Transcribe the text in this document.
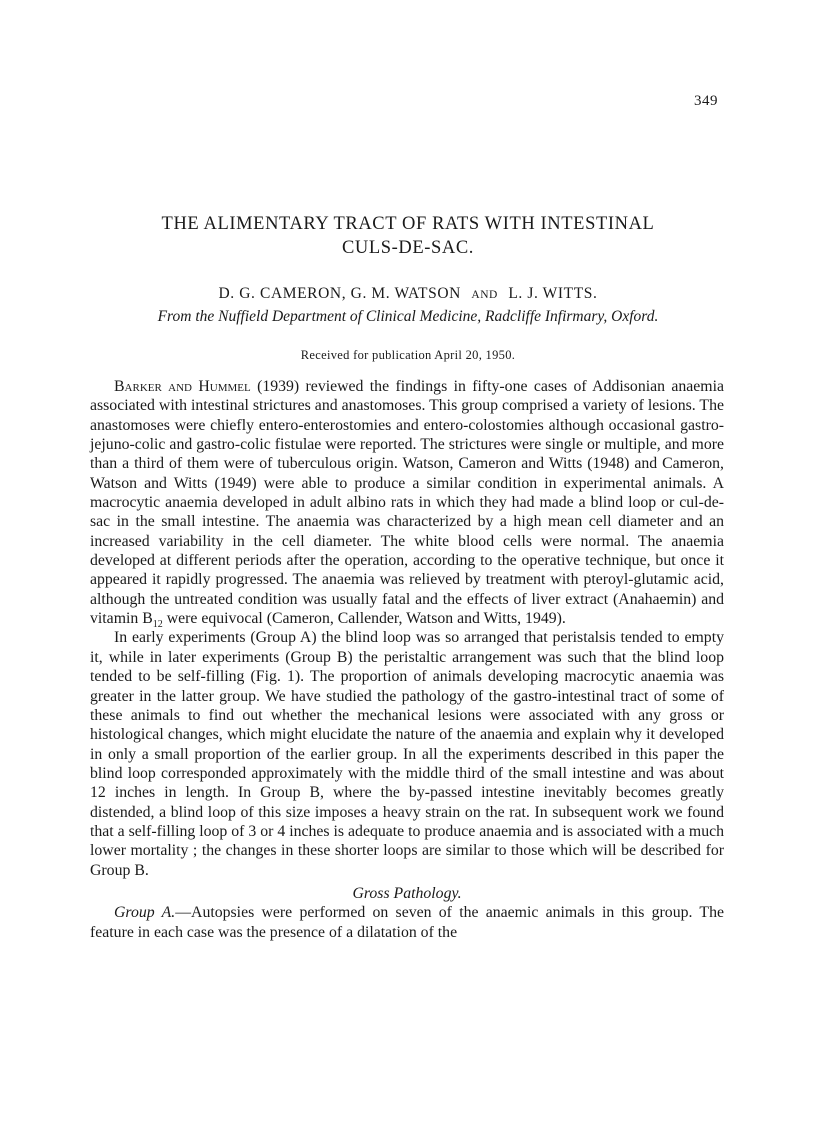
349
THE ALIMENTARY TRACT OF RATS WITH INTESTINAL
CULS-DE-SAC.
D. G. CAMERON, G. M. WATSON AND L. J. WITTS.
From the Nuffield Department of Clinical Medicine, Radcliffe Infirmary, Oxford.
Received for publication April 20, 1950.

Barker and Hummel (1939) reviewed the findings in fifty-one cases of Addisonian anaemia associated with intestinal strictures and anastomoses. This group comprised a variety of lesions. The anastomoses were chiefly entero-enterostomies and entero-colostomies although occasional gastro-jejuno-colic and gastro-colic fistulae were reported. The strictures were single or multiple, and more than a third of them were of tuberculous origin. Watson, Cameron and Witts (1948) and Cameron, Watson and Witts (1949) were able to produce a similar condition in experimental animals. A macrocytic anaemia developed in adult albino rats in which they had made a blind loop or cul-de-sac in the small intestine. The anaemia was characterized by a high mean cell diameter and an increased variability in the cell diameter. The white blood cells were normal. The anaemia developed at different periods after the operation, according to the operative technique, but once it appeared it rapidly progressed. The anaemia was relieved by treatment with pteroyl-glutamic acid, although the untreated condition was usually fatal and the effects of liver extract (Anahaemin) and vitamin $B_{12}$ were equivocal (Cameron, Callender, Watson and Witts, 1949).

In early experiments (Group A) the blind loop was so arranged that peristalsis tended to empty it, while in later experiments (Group B) the peristaltic arrangement was such that the blind loop tended to be self-filling (Fig. 1). The proportion of animals developing macrocytic anaemia was greater in the latter group. We have studied the pathology of the gastro-intestinal tract of some of these animals to find out whether the mechanical lesions were associated with any gross or histological changes, which might elucidate the nature of the anaemia and explain why it developed in only a small proportion of the earlier group. In all the experiments described in this paper the blind loop corresponded approximately with the middle third of the small intestine and was about 12 inches in length. In Group B, where the by-passed intestine inevitably becomes greatly distended, a blind loop of this size imposes a heavy strain on the rat. In subsequent work we found that a self-filling loop of 3 or 4 inches is adequate to produce anaemia and is associated with a much lower mortality ; the changes in these shorter loops are similar to those which will be described for Group B.

Gross Pathology.

Group A.—Autopsies were performed on seven of the anaemic animals in this group. The feature in each case was the presence of a dilatation of the
